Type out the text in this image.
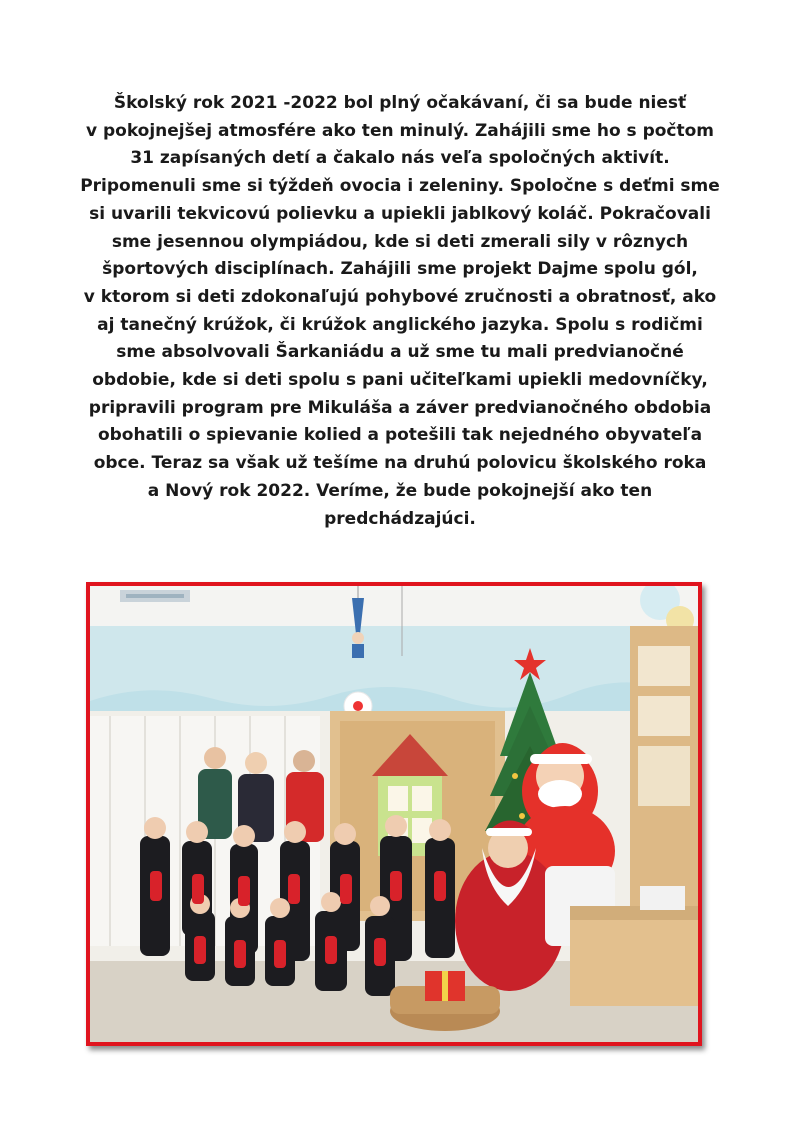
Školský rok 2021 -2022 bol plný očakávaní, či sa bude niesť
v pokojnejšej atmosfére ako ten minulý. Zahájili sme ho s počtom
31 zapísaných detí a čakalo nás veľa spoločných aktivít.
Pripomenuli sme si týždeň ovocia i zeleniny. Spoločne s deťmi sme
si uvarili tekvicovú polievku a upiekli jablkový koláč. Pokračovali
sme jesennou olympiádou, kde si deti zmerali sily v rôznych
športových disciplínach. Zahájili sme projekt Dajme spolu gól,
v ktorom si deti zdokonaľujú pohybové zručnosti a obratnosť, ako
aj tanečný krúžok, či krúžok anglického jazyka. Spolu s rodičmi
sme absolvovali Šarkaniádu a už sme tu mali predvianočné
obdobie, kde si deti spolu s pani učiteľkami upiekli medovníčky,
pripravili program pre Mikuláša a záver predvianočného obdobia
obohatili o spievanie kolied a potešili tak nejedného obyvateľa
obce. Teraz sa však už tešíme na druhú polovicu školského roka
a Nový rok 2022. Veríme, že bude pokojnejší ako ten
predchádzajúci.
